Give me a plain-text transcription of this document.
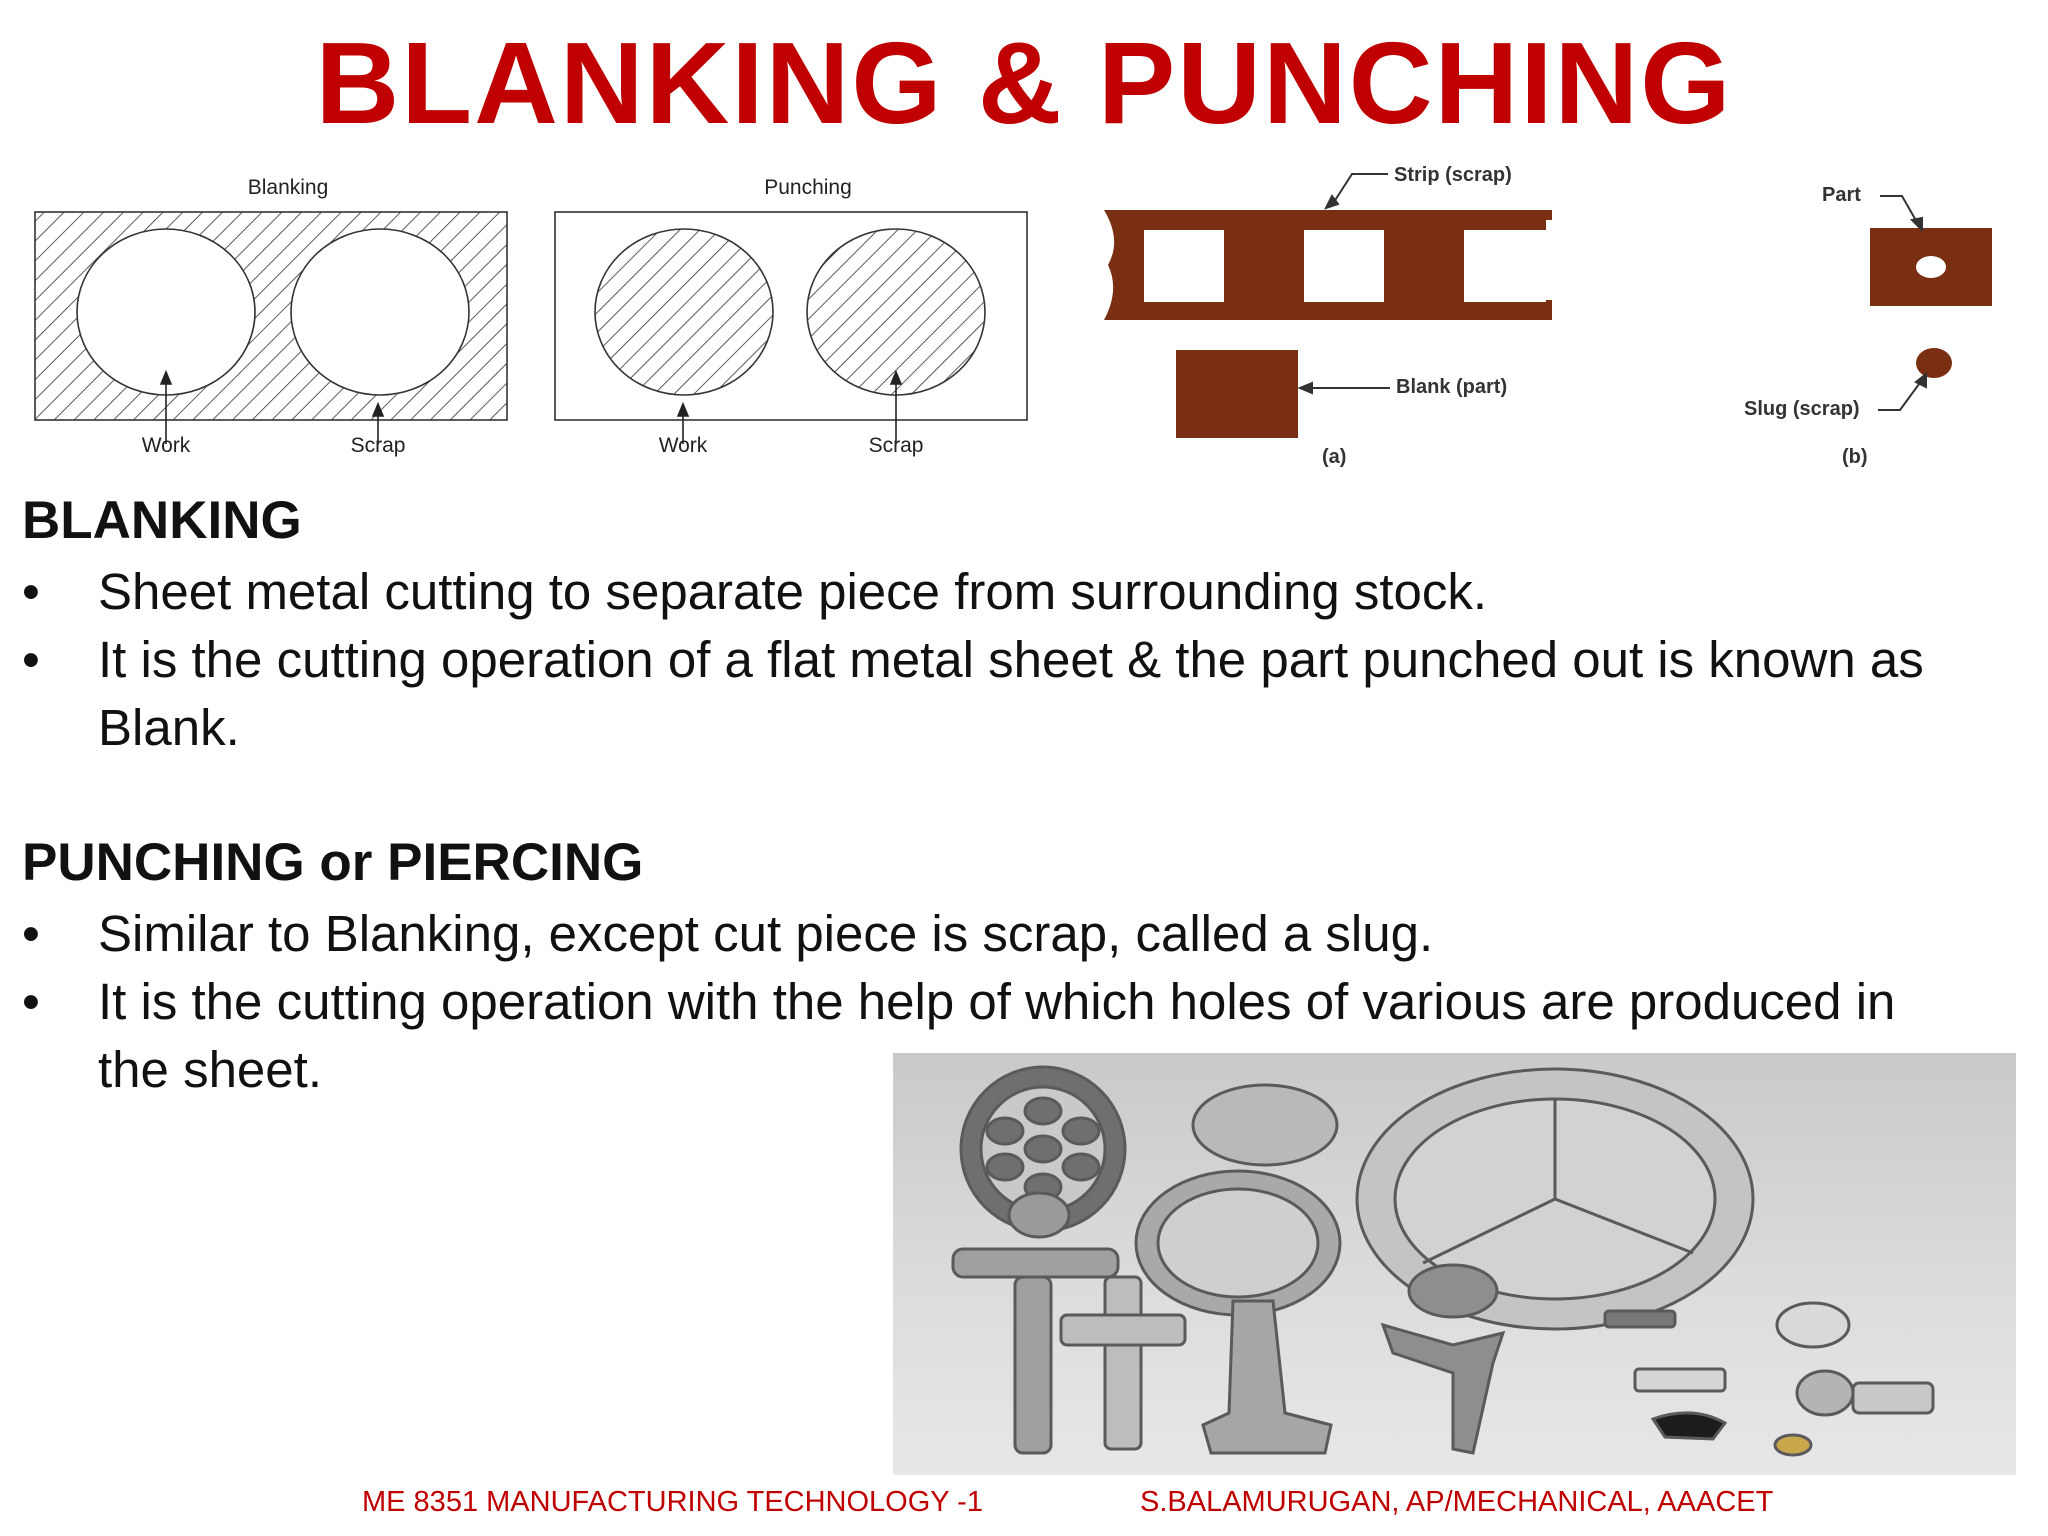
BLANKING & PUNCHING
Blanking	Punching
Work	Scrap	Work	Scrap
Strip (scrap)
Blank (part)
Part
Slug (scrap)
(a)	(b)
BLANKING
•	Sheet metal cutting to separate piece from surrounding stock.
•	It is the cutting operation of a flat metal sheet & the part punched out is known as Blank.
PUNCHING or PIERCING
•	Similar to Blanking, except cut piece is scrap, called a slug.
•	It is the cutting operation with the help of which holes of various are produced in the sheet.
ME 8351 MANUFACTURING TECHNOLOGY -1	S.BALAMURUGAN, AP/MECHANICAL, AAACET
